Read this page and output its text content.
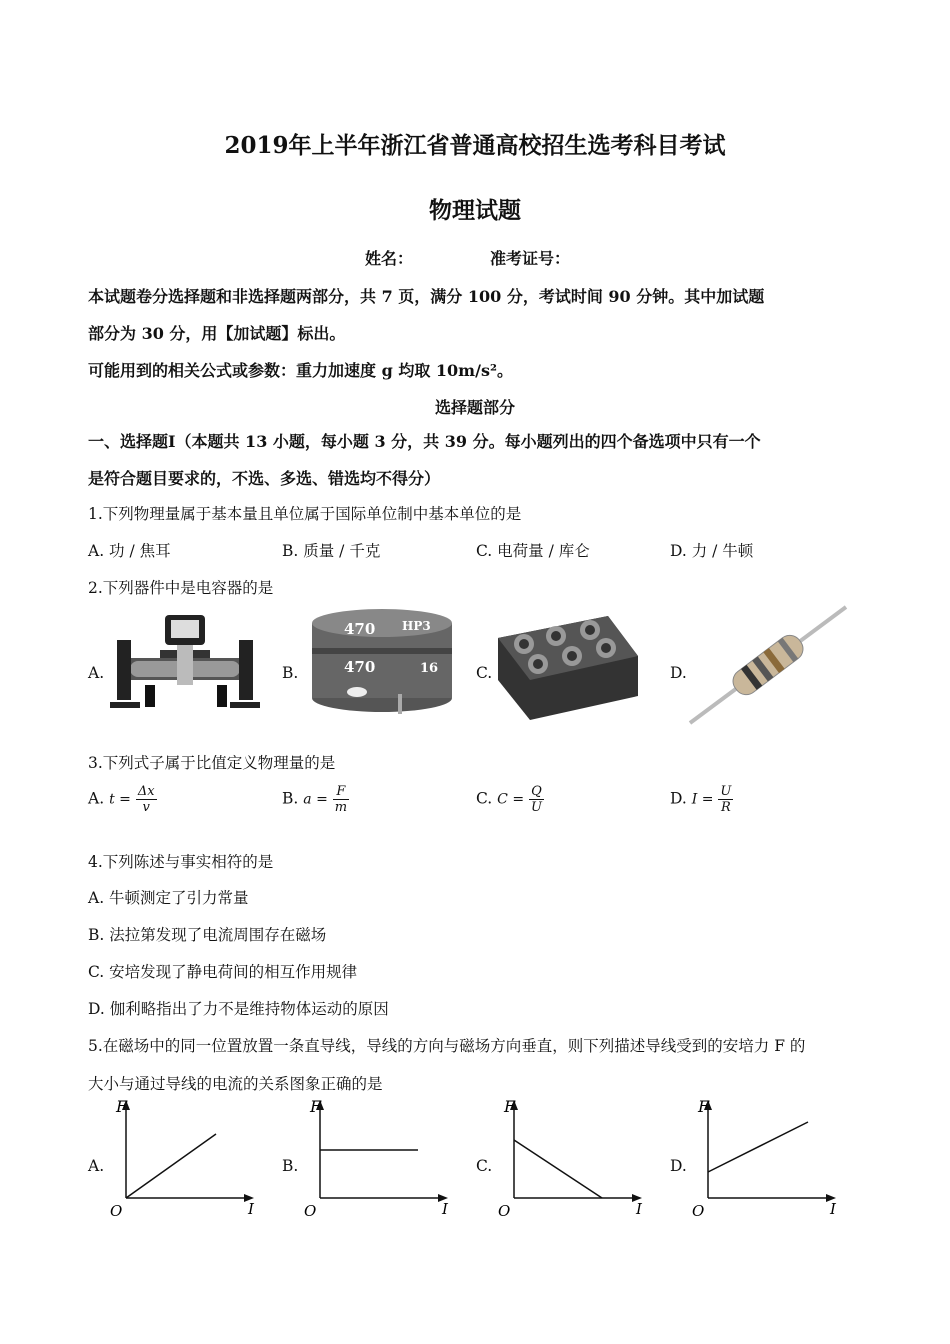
2019年上半年浙江省普通高校招生选考科目考试
物理试题
姓名：	准考证号：
本试题卷分选择题和非选择题两部分，共 7 页，满分 100 分，考试时间 90 分钟。其中加试题
部分为 30 分，用【加试题】标出。
可能用到的相关公式或参数：重力加速度 g 均取 10m/s²。
选择题部分
一、选择题Ⅰ（本题共 13 小题，每小题 3 分，共 39 分。每小题列出的四个备选项中只有一个
是符合题目要求的，不选、多选、错选均不得分）
1.下列物理量属于基本量且单位属于国际单位制中基本单位的是
A. 功 / 焦耳	B. 质量 / 千克	C. 电荷量 / 库仑	D. 力 / 牛顿
2.下列器件中是电容器的是
A.	B.	C.	D.
470 HP3
470	16
3.下列式子属于比值定义物理量的是
A. $t = \frac{\Delta x}{v}$	B. $a = \frac{F}{m}$	C. $C = \frac{Q}{U}$	D. $I = \frac{U}{R}$
4.下列陈述与事实相符的是
A. 牛顿测定了引力常量
B. 法拉第发现了电流周围存在磁场
C. 安培发现了静电荷间的相互作用规律
D. 伽利略指出了力不是维持物体运动的原因
5.在磁场中的同一位置放置一条直导线，导线的方向与磁场方向垂直，则下列描述导线受到的安培力 F 的
大小与通过导线的电流的关系图象正确的是
A.	B.	C.	D.
F
I
O
F
I
O
F
I
O
F
I
O
